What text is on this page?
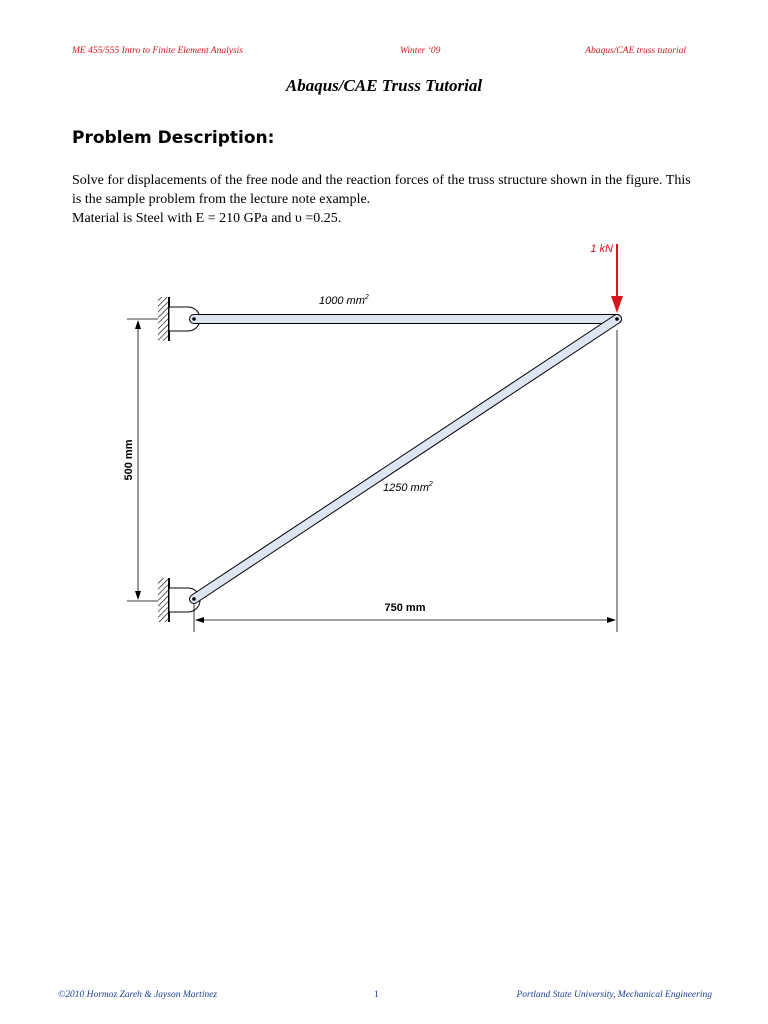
ME 455/555 Intro to Finite Element Analysis	Winter ‘09	Abaqus/CAE truss tutorial
Abaqus/CAE Truss Tutorial
Problem Description:
Solve for displacements of the free node and the reaction forces of the truss structure shown in the figure. This is the sample problem from the lecture note example.
Material is Steel with E = 210 GPa and υ =0.25.
1 kN
1000 $mm^2$
1250 $mm^2$
500 mm
750 mm
©2010 Hormoz Zareh & Jayson Martinez	1	Portland State University, Mechanical Engineering
